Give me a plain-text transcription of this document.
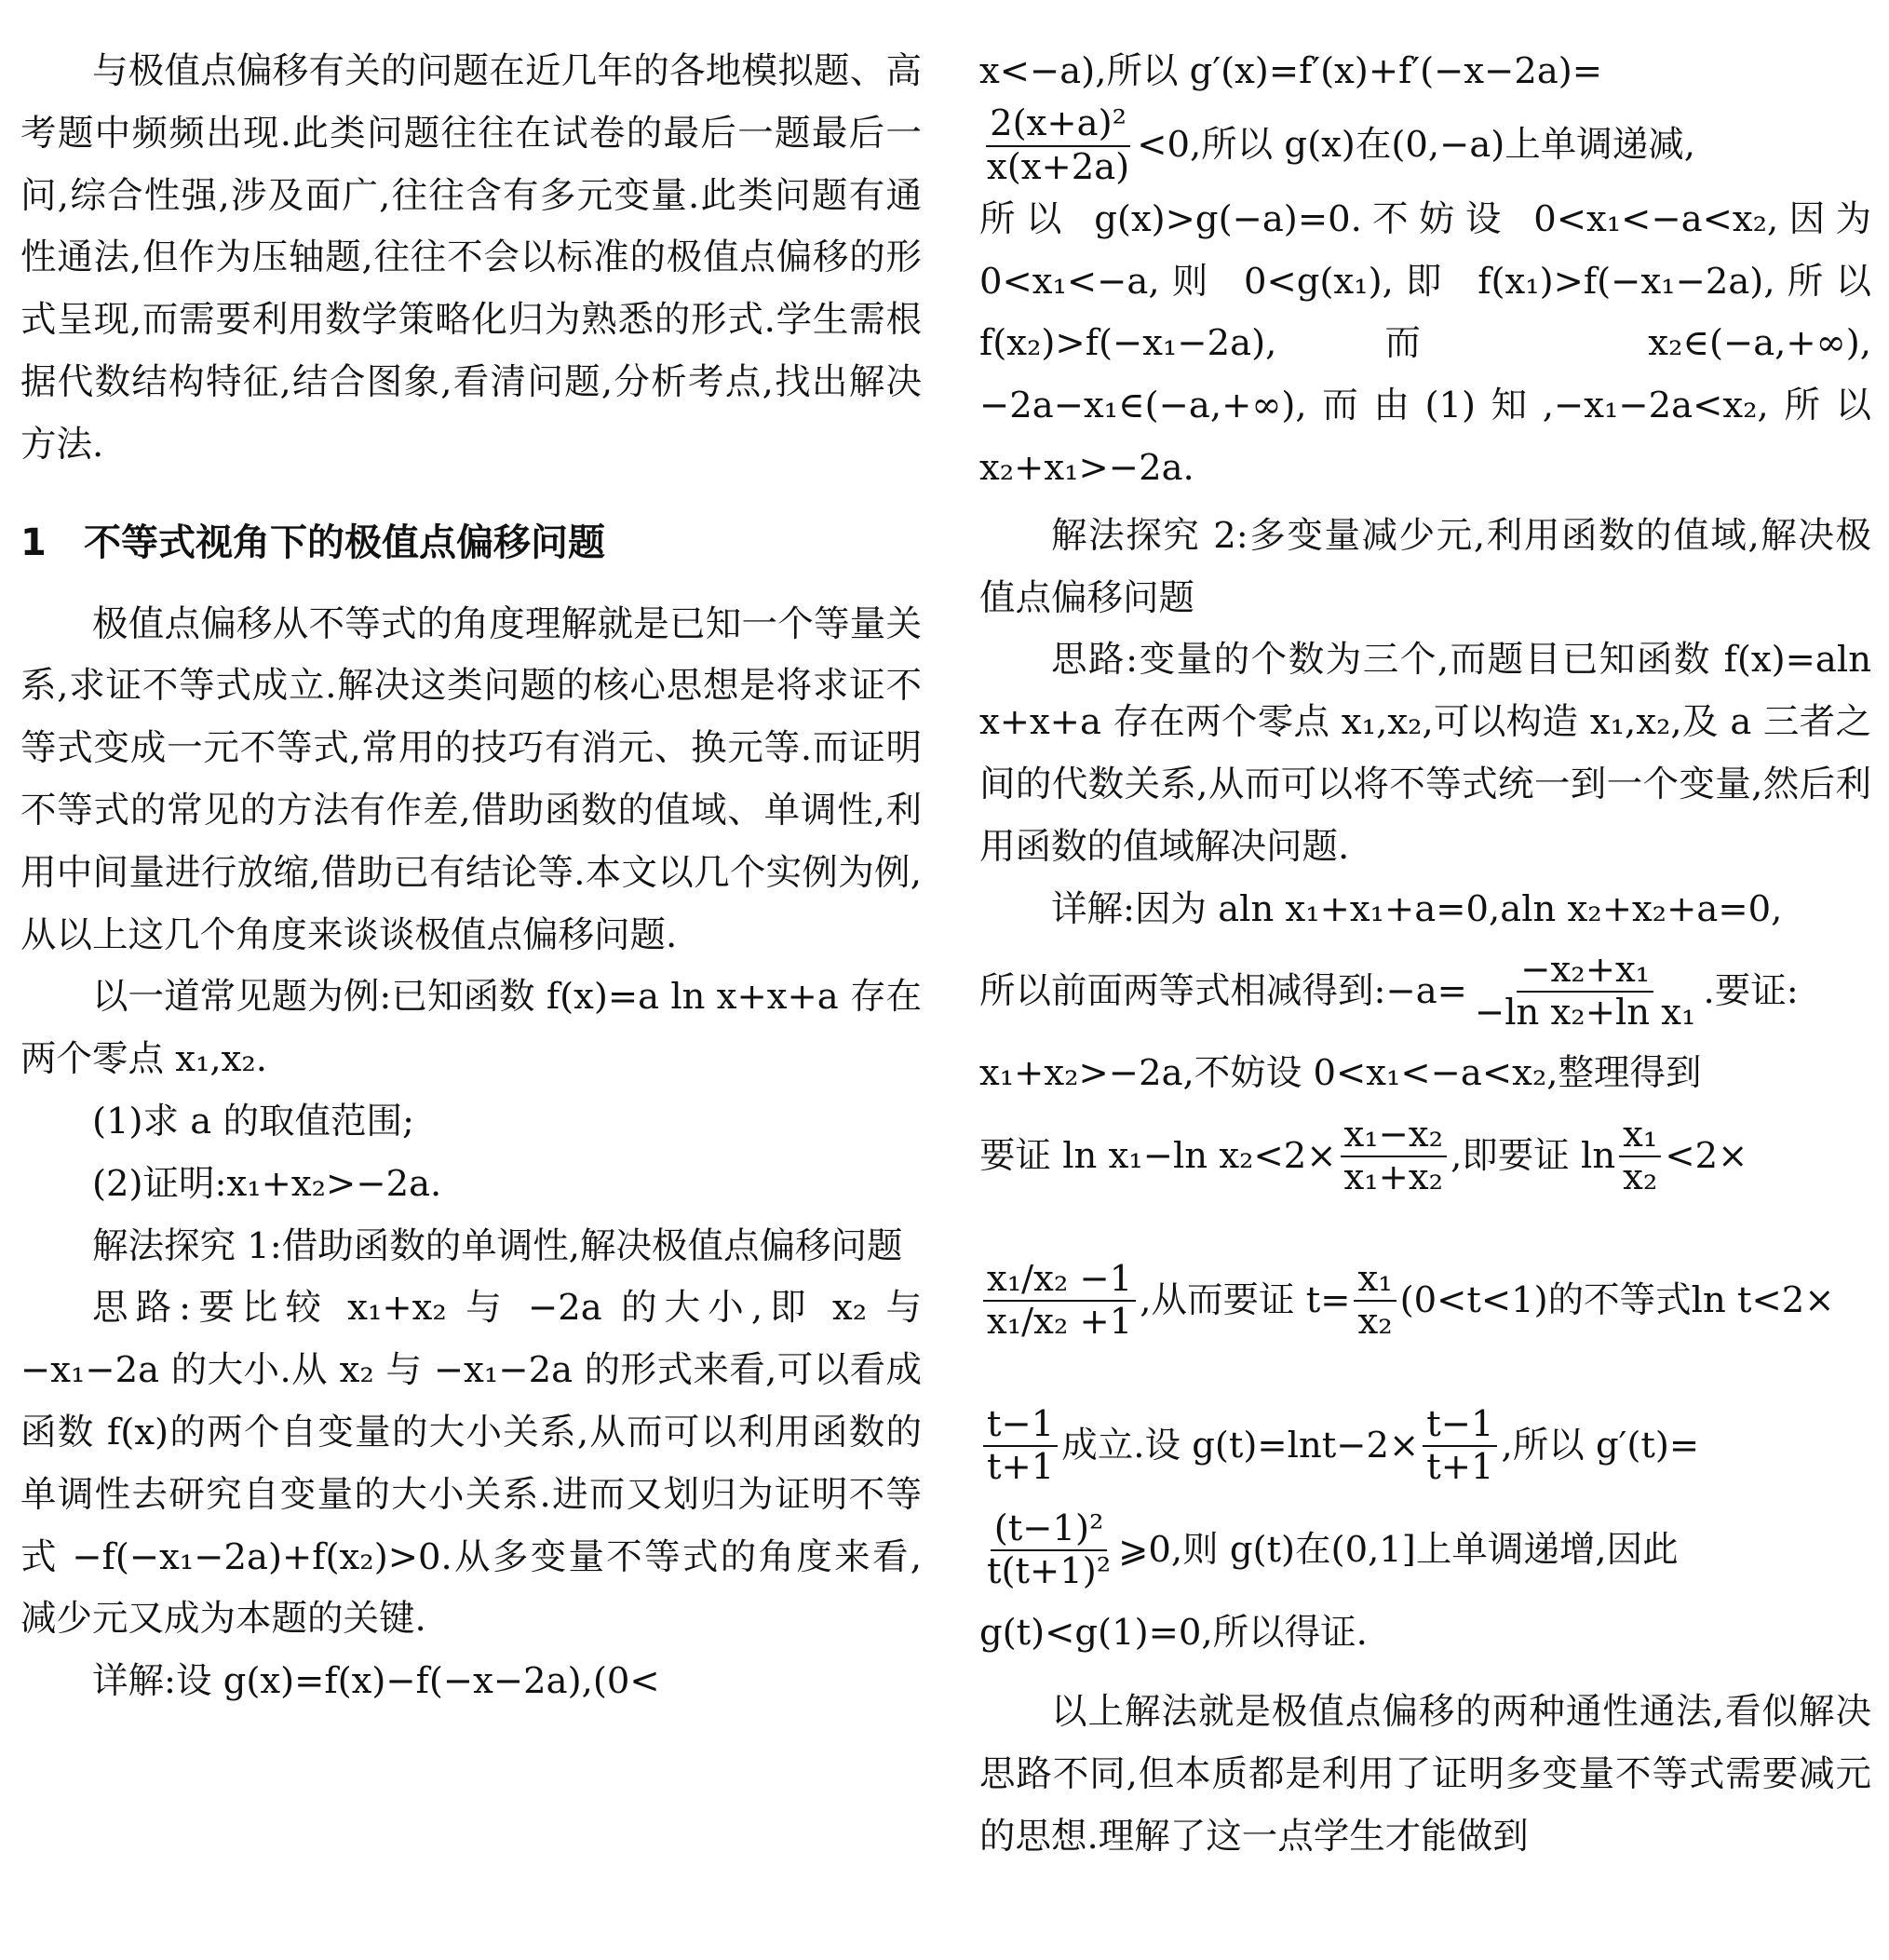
与极值点偏移有关的问题在近几年的各地模拟题、高考题中频频出现.此类问题往往在试卷的最后一题最后一问,综合性强,涉及面广,往往含有多元变量.此类问题有通性通法,但作为压轴题,往往不会以标准的极值点偏移的形式呈现,而需要利用数学策略化归为熟悉的形式.学生需根据代数结构特征,结合图象,看清问题,分析考点,找出解决方法.

1 不等式视角下的极值点偏移问题

极值点偏移从不等式的角度理解就是已知一个等量关系,求证不等式成立.解决这类问题的核心思想是将求证不等式变成一元不等式,常用的技巧有消元、换元等.而证明不等式的常见的方法有作差,借助函数的值域、单调性,利用中间量进行放缩,借助已有结论等.本文以几个实例为例,从以上这几个角度来谈谈极值点偏移问题.

以一道常见题为例:已知函数 f(x)=a ln x+x+a 存在两个零点 x₁,x₂.

(1)求 a 的取值范围;

(2)证明:x₁+x₂>−2a.

解法探究 1:借助函数的单调性,解决极值点偏移问题

思路:要比较 x₁+x₂ 与 −2a 的大小,即 x₂ 与 −x₁−2a 的大小.从 x₂ 与 −x₁−2a 的形式来看,可以看成函数 f(x)的两个自变量的大小关系,从而可以利用函数的单调性去研究自变量的大小关系.进而又划归为证明不等式 −f(−x₁−2a)+f(x₂)>0.从多变量不等式的角度来看,减少元又成为本题的关键.

详解:设 g(x)=f(x)−f(−x−2a),(0<

x<−a),所以 g′(x)=f′(x)+f′(−x−2a)=

$\frac{\text{2(x+a)²}}{x(x+2a)} <0$,所以 g(x)在(0,−a)上单调递减,

所以 g(x)>g(−a)=0.不妨设 0<x₁<−a<x₂,因为 0<x₁<−a,则 0<g(x₁),即 f(x₁)>f(−x₁−2a),所以 f(x₂)>f(−x₁−2a),而 x₂∈(−a,+∞),−2a−x₁∈(−a,+∞),而由(1)知,−x₁−2a<x₂,所以 x₂+x₁>−2a.

解法探究 2:多变量减少元,利用函数的值域,解决极值点偏移问题

思路:变量的个数为三个,而题目已知函数 f(x)=aln x+x+a 存在两个零点 x₁,x₂,可以构造 x₁,x₂,及 a 三者之间的代数关系,从而可以将不等式统一到一个变量,然后利用函数的值域解决问题.

详解:因为 aln x₁+x₁+a=0,aln x₂+x₂+a=0,

所以前面两等式相减得到:−a= $\frac{\text{−x₂+x₁}}{\text{−ln x₂+ln x₁}}$ .要证:

x₁+x₂>−2a,不妨设 0<x₁<−a<x₂,整理得到

要证 ln x₁−ln $x_2<2\times \frac{\text{x₁−x₂}}{\text{x₁+x₂}}$ ,即要证 $\ln \frac{\text{x₁}}{\text{x₂}} <2\times$
$\frac{\text{x₁/x₂ −1}}{\text{x₁/x₂ +1}}$ ,从而要证 $t= \frac{\text{x₁}}{\text{x₂}} (0<t<1)$的不等式ln t<2×
$\frac{t-1}{t+1}$ 成立.设 $g(t)=\ln t-2\times \frac{t-1}{t+1}$ ,所以 g′(t)=
$\frac{\text{(t−1)²}}{\text{t(t+1)²}}$ ⩾0,则 g(t)在(0,1]上单调递增,因此

g(t)<g(1)=0,所以得证.

以上解法就是极值点偏移的两种通性通法,看似解决思路不同,但本质都是利用了证明多变量不等式需要减元的思想.理解了这一点学生才能做到
